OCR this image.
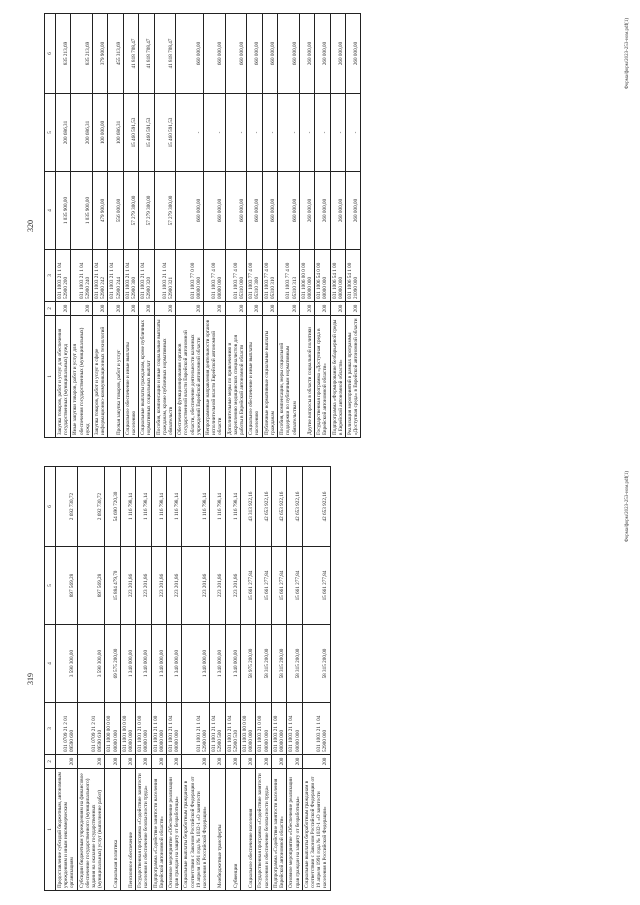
319
1	2	3	4	5	6
Предоставление субсидий бюджетным, автономным учреждениям и иным некоммерческим организациям	200	031 0709 21 2 01 09590 600	3 590 300,00	897 569,28	2 692 730,72
Субсидии бюджетным учреждениям на финансовое обеспечение государственного (муниципального) задания на оказание государственных (муниципальных) услуг (выполнение работ)	200	031 0709 21 2 01 09590 610	3 590 300,00	897 569,28	2 692 730,72
Социальная политика	200	031 1000 00 0 00 00000 000	69 575 200,00	15 884 479,70	54 690 720,30
Пенсионное обеспечение	200	031 1001 00 0 00 00000 000	1 340 000,00	223 201,86	1 116 798,14
Государственная программа «Содействие занятости населения и обеспечение безопасности труда»	200	031 1001 21 0 00 00000 000	1 340 000,00	223 201,86	1 116 798,14
Подпрограмма «Содействие занятости населения Еврейской автономной области»	200	031 1001 21 1 00 00000 000	1 340 000,00	223 201,86	1 116 798,14
Основное мероприятие «Обеспечение реализации прав граждан на защиту от безработицы»	200	031 1001 21 1 04 00000 000	1 340 000,00	223 201,86	1 116 798,14
Социальные выплаты безработным гражданам в соответствии с Законом Российской Федерации от 19 апреля 1991 года № 1032-1 «О занятости населения в Российской Федерации»	200	031 1001 21 1 04 52900 000	1 340 000,00	223 201,86	1 116 798,14
Межбюджетные трансферты	200	031 1001 21 1 04 52900 500	1 340 000,00	223 201,86	1 116 798,14
Субвенции	200	031 1001 21 1 04 52900 530	1 340 000,00	223 201,86	1 116 798,14
Социальное обеспечение населения	200	031 1003 00 0 00 00000 000	58 975 200,00	15 661 277,84	43 313 922,16
Государственная программа «Содействие занятости населения и обеспечение безопасности труда»	200	031 1003 21 0 00 00000 000	58 315 200,00	15 661 277,84	42 653 922,16
Подпрограмма «Содействие занятости населения Еврейской автономной области»	200	031 1003 21 1 00 00000 000	58 315 200,00	15 661 277,84	42 653 922,16
Основное мероприятие «Обеспечение реализации прав граждан на защиту от безработицы»	200	031 1003 21 1 04 00000 000	58 315 200,00	15 661 277,84	42 653 922,16
Социальные выплаты безработным гражданам в соответствии с Законом Российской Федерации от 19 апреля 1991 года № 1032-1 «О занятости населения в Российской Федерации»	200	031 1003 21 1 04 52900 000	58 315 200,00	15 661 277,84	42 653 922,16	Форма/форм/2023-253-ном.pdf(1)
320
1	2	3	4	5	6
Закупка товаров, работ и услуг для обеспечения государственных (муниципальных) нужд	200	031 1003 21 1 04 52900 200	1 035 900,00	200 686,31	835 213,69
Иные закупки товаров, работ и услуг для обеспечения государственных (муниципальных) нужд	200	031 1003 21 1 04 52900 240	1 035 900,00	200 686,31	835 213,69
Закупка товаров, работ и услуг в сфере информационно-коммуникационных технологий	200	031 1003 21 1 04 52900 242	479 900,00	100 000,00	379 900,00
Прочая закупка товаров, работ и услуг	200	031 1003 21 1 04 52900 244	556 000,00	100 686,31	455 313,69
Социальное обеспечение и иные выплаты населению	200	031 1003 21 1 04 52900 300	57 279 300,00	15 460 591,53	41 818 708,47
Социальные выплаты гражданам, кроме публичных нормативных социальных выплат	200	031 1003 21 1 04 52900 320	57 279 300,00	15 460 591,53	41 818 708,47
Пособия, компенсации и иные социальные выплаты гражданам, кроме публичных нормативных обязательств	200	031 1003 21 1 04 52900 321	57 279 300,00	15 460 591,53	41 818 708,47
Обеспечение функционирования органов государственной власти Еврейской автономной области, обеспечение деятельности казенных учреждений Еврейской автономной области	200	031 1003 77 0 00 00000 000	660 000,00	-	660 000,00
Непрограммные направления деятельности органов исполнительной власти Еврейской автономной области	200	031 1003 77 4 00 00000 000	660 000,00	-	660 000,00
Дополнительные меры по привлечению и закреплению медицинских специалистов для работы в Еврейской автономной области	200	031 1003 77 4 00 05310 000	660 000,00	-	660 000,00
Социальное обеспечение и иные выплаты населению	200	031 1003 77 4 00 05310 300	660 000,00	-	660 000,00
Публичные нормативные социальные выплаты гражданам	200	031 1003 77 4 00 05310 310	660 000,00	-	660 000,00
Пособия, компенсации, меры социальной поддержки по публичным нормативным обязательствам	200	031 1003 77 4 00 05310 313	660 000,00	-	660 000,00
Другие вопросы в области социальной политики	200	031 1006 00 0 00 00000 000	260 000,00	-	260 000,00
Государственная программа «Доступная среда в Еврейской автономной области»	200	031 1006 54 0 00 00000 000	260 000,00	-	260 000,00
Подпрограмма «Формирование безбарьерной среды в Еврейской автономной области»	200	031 1006 54 1 00 00000 000	260 000,00	-	260 000,00
Реализация мероприятий в рамках программы «Доступная среда» в Еврейской автономной области	200	031 1006 54 1 00 21090 000	260 000,00	-	260 000,00	Форма/форм/2023-253-ном.pdf(1)
